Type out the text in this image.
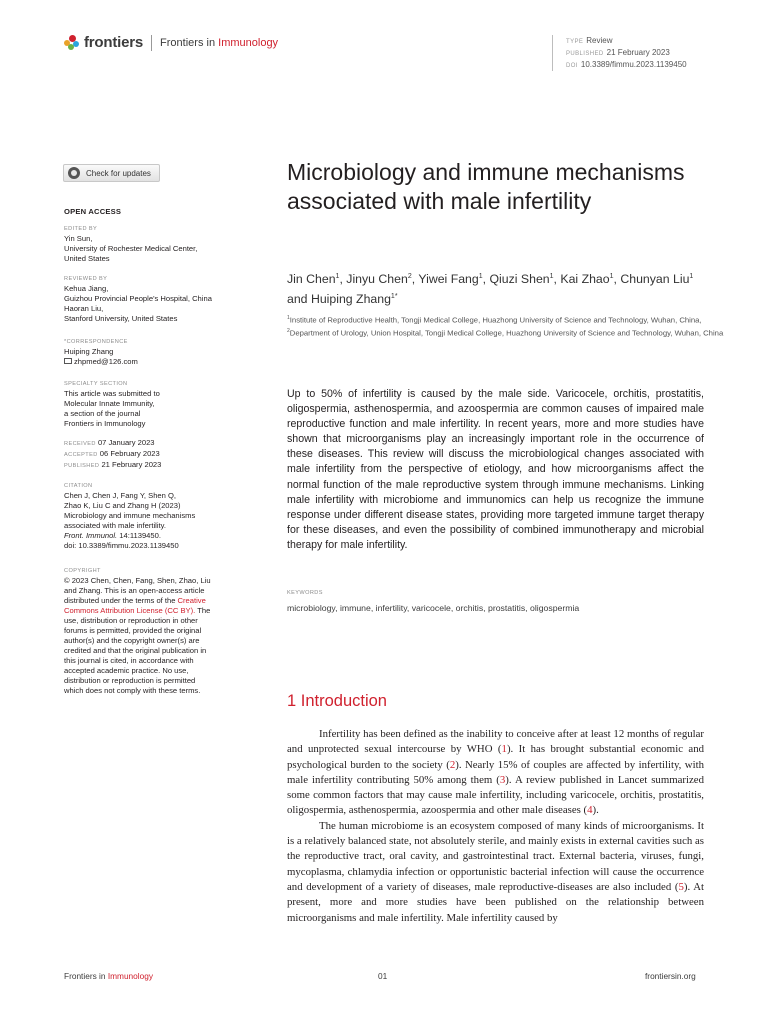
frontiers Frontiers in Immunology	TYPE Review
PUBLISHED 21 February 2023
DOI 10.3389/fimmu.2023.1139450
Check for updates
OPEN ACCESS
EDITED BY
Yin Sun,
University of Rochester Medical Center,
United States
REVIEWED BY
Kehua Jiang,
Guizhou Provincial People's Hospital, China
Haoran Liu,
Stanford University, United States
*CORRESPONDENCE
Huiping Zhang
zhpmed@126.com
SPECIALTY SECTION
This article was submitted to
Molecular Innate Immunity,
a section of the journal
Frontiers in Immunology
RECEIVED 07 January 2023
ACCEPTED 06 February 2023
PUBLISHED 21 February 2023
CITATION
Chen J, Chen J, Fang Y, Shen Q,
Zhao K, Liu C and Zhang H (2023)
Microbiology and immune mechanisms
associated with male infertility.
Front. Immunol. 14:1139450.
doi: 10.3389/fimmu.2023.1139450
COPYRIGHT
© 2023 Chen, Chen, Fang, Shen, Zhao, Liu
and Zhang. This is an open-access article
distributed under the terms of the Creative
Commons Attribution License (CC BY). The
use, distribution or reproduction in other
forums is permitted, provided the original
author(s) and the copyright owner(s) are
credited and that the original publication in
this journal is cited, in accordance with
accepted academic practice. No use,
distribution or reproduction is permitted
which does not comply with these terms.
Microbiology and immune mechanisms associated with male infertility
Jin Chen$^1$, Jinyu Chen$^2$, Yiwei Fang$^1$, Qiuzi Shen$^1$, Kai Zhao$^1$, Chunyan Liu$^1$ and Huiping Zhang$^{1*}$
$^1$Institute of Reproductive Health, Tongji Medical College, Huazhong University of Science and Technology, Wuhan, China, $^2$Department of Urology, Union Hospital, Tongji Medical College, Huazhong University of Science and Technology, Wuhan, China
Up to 50% of infertility is caused by the male side. Varicocele, orchitis, prostatitis, oligospermia, asthenospermia, and azoospermia are common causes of impaired male reproductive function and male infertility. In recent years, more and more studies have shown that microorganisms play an increasingly important role in the occurrence of these diseases. This review will discuss the microbiological changes associated with male infertility from the perspective of etiology, and how microorganisms affect the normal function of the male reproductive system through immune mechanisms. Linking male infertility with microbiome and immunomics can help us recognize the immune response under different disease states, providing more targeted immune target therapy for these diseases, and even the possibility of combined immunotherapy and microbial therapy for male infertility.
KEYWORDS
microbiology, immune, infertility, varicocele, orchitis, prostatitis, oligospermia
1 Introduction

Infertility has been defined as the inability to conceive after at least 12 months of regular and unprotected sexual intercourse by WHO (1). It has brought substantial economic and psychological burden to the society (2). Nearly 15% of couples are affected by infertility, with male infertility contributing 50% among them (3). A review published in Lancet summarized some common factors that may cause male infertility, including varicocele, orchitis, prostatitis, oligospermia, asthenospermia, azoospermia and other male diseases (4).

The human microbiome is an ecosystem composed of many kinds of microorganisms. It is a relatively balanced state, not absolutely sterile, and mainly exists in external cavities such as the reproductive tract, oral cavity, and gastrointestinal tract. External bacteria, viruses, fungi, mycoplasma, chlamydia infection or opportunistic bacterial infection will cause the occurrence and development of a variety of diseases, male reproductive-diseases are also included (5). At present, more and more studies have been published on the relationship between microorganisms and male infertility. Male infertility caused by

Frontiers in Immunology	01	frontiersin.org
